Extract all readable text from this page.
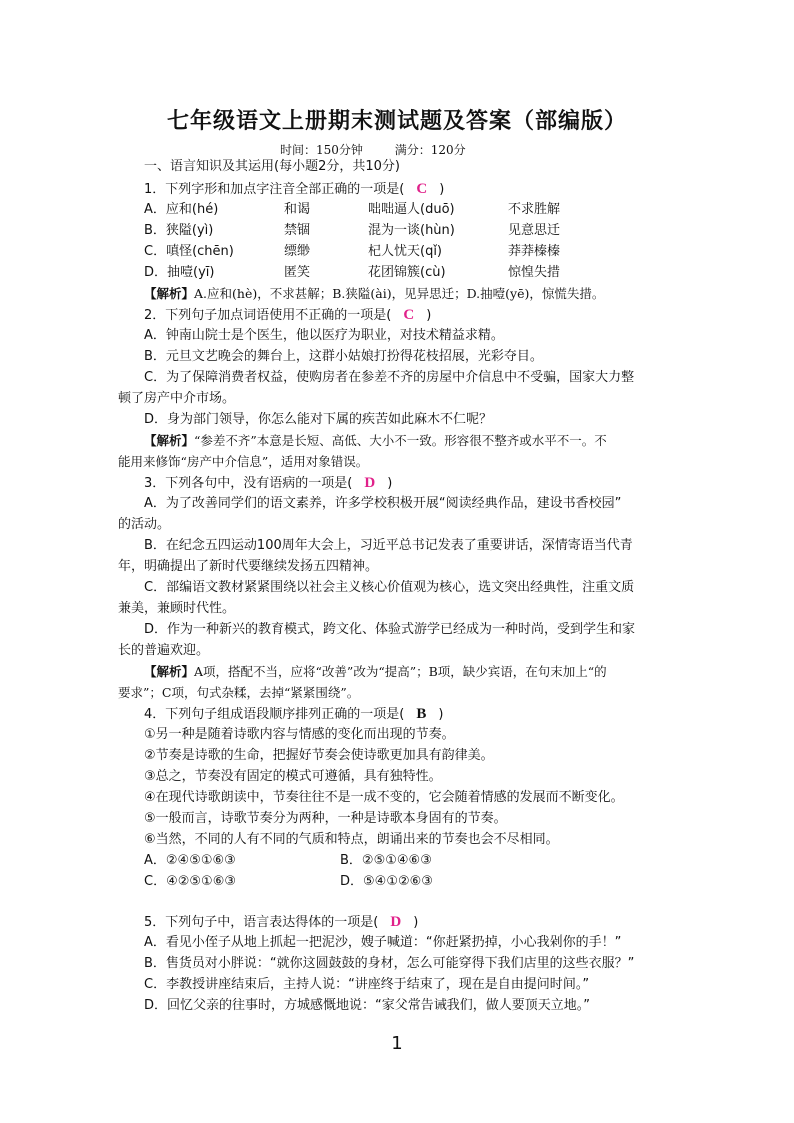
七年级语文上册期末测试题及答案（部编版）
时间：150分钟	满分：120分
一、语言知识及其运用(每小题2分，共10分)
1．下列字形和加点字注音全部正确的一项是( C )
A．应和(hé)	和谒	咄咄逼人(duō)	不求胜解
B．狭隘(yì)	禁锢	混为一谈(hùn)	见意思迁
C．嗔怪(chēn)	缥缈	杞人忧天(qǐ)	莽莽榛榛
D．抽噎(yī)	匿笑	花团锦簇(cù)	惊惶失措
【解析】A.应和(hè)，不求甚解；B.狭隘(ài)，见异思迁；D.抽噎(yē)，惊慌失措。
2．下列句子加点词语使用不正确的一项是( C )
A．钟南山院士是个医生，他以医疗为职业，对技术精益求精。
B．元旦文艺晚会的舞台上，这群小姑娘打扮得花枝招展，光彩夺目。
C．为了保障消费者权益，使购房者在参差不齐的房屋中介信息中不受骗，国家大力整
顿了房产中介市场。
D．身为部门领导，你怎么能对下属的疾苦如此麻木不仁呢？
【解析】“参差不齐”本意是长短、高低、大小不一致。形容很不整齐或水平不一。不
能用来修饰“房产中介信息”，适用对象错误。
3．下列各句中，没有语病的一项是( D )
A．为了改善同学们的语文素养，许多学校积极开展“阅读经典作品，建设书香校园”
的活动。
B．在纪念五四运动100周年大会上，习近平总书记发表了重要讲话，深情寄语当代青
年，明确提出了新时代要继续发扬五四精神。
C．部编语文教材紧紧围绕以社会主义核心价值观为核心，选文突出经典性，注重文质
兼美，兼顾时代性。
D．作为一种新兴的教育模式，跨文化、体验式游学已经成为一种时尚，受到学生和家
长的普遍欢迎。
【解析】A项，搭配不当，应将“改善”改为“提高”；B项，缺少宾语，在句末加上“的
要求”；C项，句式杂糅，去掉“紧紧围绕”。
4．下列句子组成语段顺序排列正确的一项是( B )
①另一种是随着诗歌内容与情感的变化而出现的节奏。
②节奏是诗歌的生命，把握好节奏会使诗歌更加具有韵律美。
③总之，节奏没有固定的模式可遵循，具有独特性。
④在现代诗歌朗读中，节奏往往不是一成不变的，它会随着情感的发展而不断变化。
⑤一般而言，诗歌节奏分为两种，一种是诗歌本身固有的节奏。
⑥当然，不同的人有不同的气质和特点，朗诵出来的节奏也会不尽相同。
A．②④⑤①⑥③	B．②⑤①④⑥③
C．④②⑤①⑥③	D．⑤④①②⑥③
5．下列句子中，语言表达得体的一项是( D )
A．看见小侄子从地上抓起一把泥沙，嫂子喊道：“你赶紧扔掉，小心我剁你的手！”
B．售货员对小胖说：“就你这圆鼓鼓的身材，怎么可能穿得下我们店里的这些衣服？”
C．李教授讲座结束后，主持人说：“讲座终于结束了，现在是自由提问时间。”
D．回忆父亲的往事时，方城感慨地说：“家父常告诫我们，做人要顶天立地。”
1
